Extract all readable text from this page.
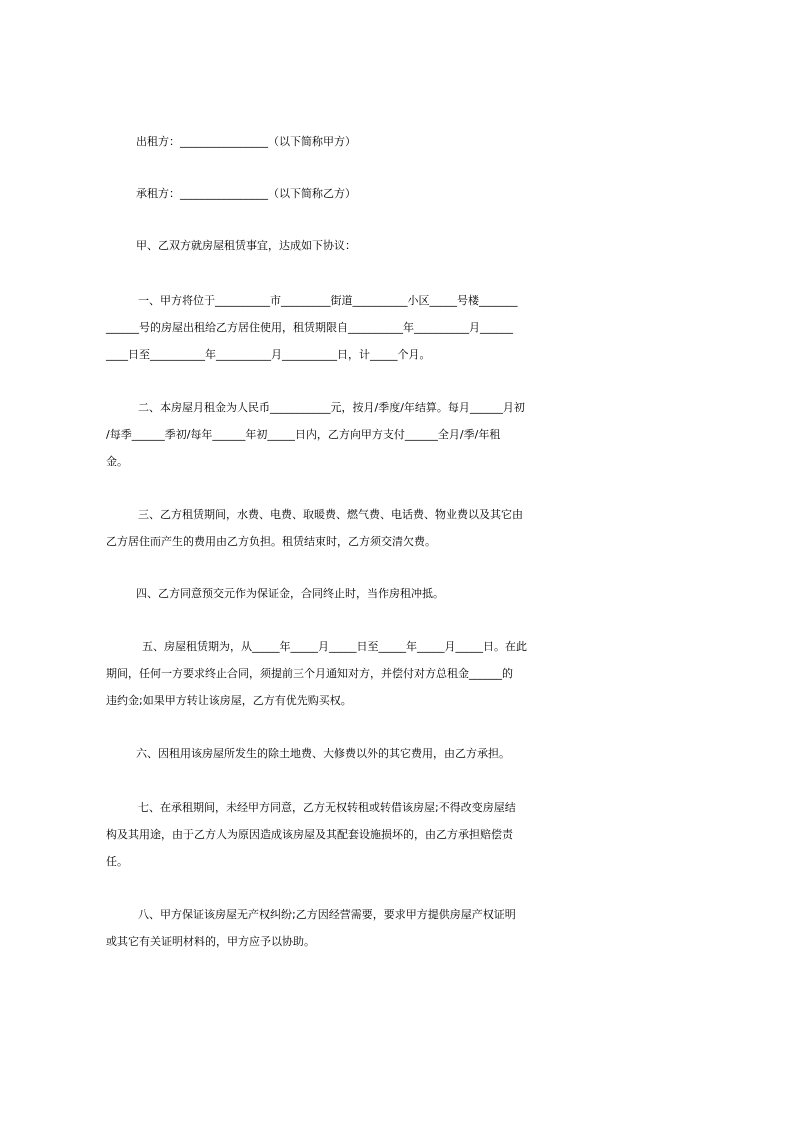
出租方：________________（以下简称甲方）
承租方：________________（以下简称乙方）
甲、乙双方就房屋租赁事宜，达成如下协议：
一、甲方将位于__________市_________街道__________小区_____号楼_______
______号的房屋出租给乙方居住使用，租赁期限自__________年__________月______
____日至__________年__________月__________日，计_____个月。
二、本房屋月租金为人民币___________元，按月/季度/年结算。每月______月初
/每季______季初/每年______年初_____日内，乙方向甲方支付______全月/季/年租
金。
三、乙方租赁期间，水费、电费、取暖费、燃气费、电话费、物业费以及其它由
乙方居住而产生的费用由乙方负担。租赁结束时，乙方须交清欠费。
四、乙方同意预交元作为保证金，合同终止时，当作房租冲抵。
五、房屋租赁期为，从_____年_____月_____日至_____年_____月_____日。在此
期间，任何一方要求终止合同，须提前三个月通知对方，并偿付对方总租金______的
违约金;如果甲方转让该房屋，乙方有优先购买权。
六、因租用该房屋所发生的除土地费、大修费以外的其它费用，由乙方承担。
七、在承租期间，未经甲方同意，乙方无权转租或转借该房屋;不得改变房屋结
构及其用途，由于乙方人为原因造成该房屋及其配套设施损坏的，由乙方承担赔偿责
任。
八、甲方保证该房屋无产权纠纷;乙方因经营需要，要求甲方提供房屋产权证明
或其它有关证明材料的，甲方应予以协助。
